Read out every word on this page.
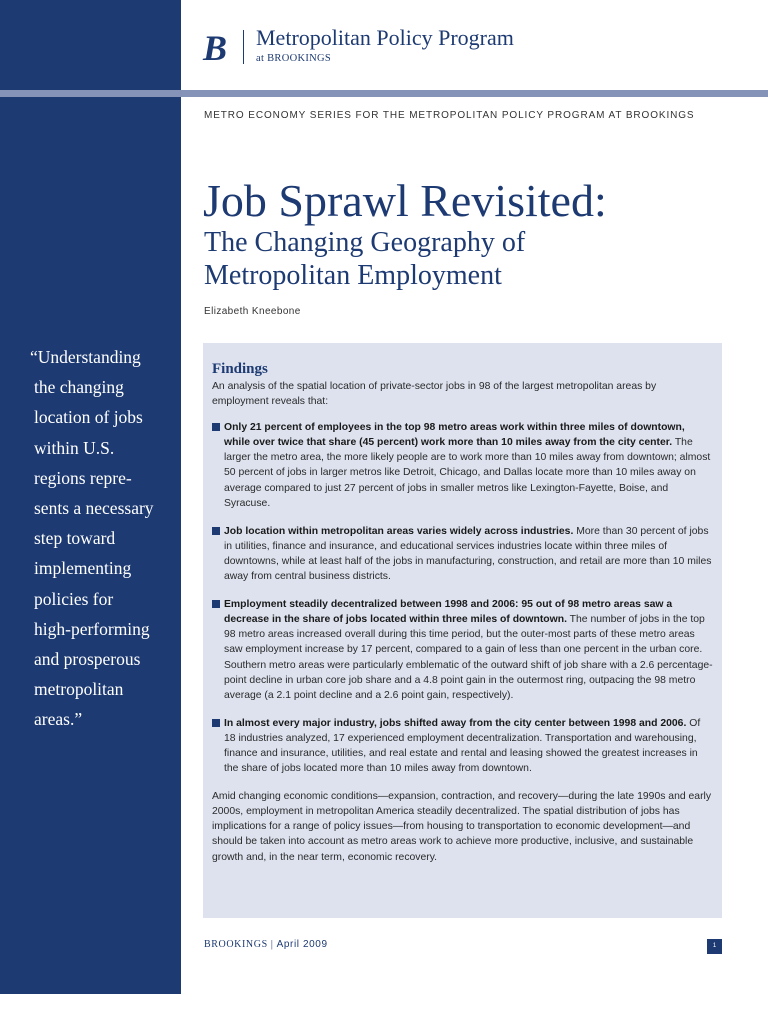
“Understanding
the changing
location of jobs
within U.S.
regions repre-
sents a necessary
step toward
implementing
policies for
high-performing
and prosperous
metropolitan
areas.”
B Metropolitan Policy Program
at BROOKINGS
METRO ECONOMY SERIES FOR THE METROPOLITAN POLICY PROGRAM AT BROOKINGS
Job Sprawl Revisited:
The Changing Geography of
Metropolitan Employment
Elizabeth Kneebone
Findings

An analysis of the spatial location of private-sector jobs in 98 of the largest metropolitan areas by employment reveals that:

Only 21 percent of employees in the top 98 metro areas work within three miles of downtown, while over twice that share (45 percent) work more than 10 miles away from the city center. The larger the metro area, the more likely people are to work more than 10 miles away from downtown; almost 50 percent of jobs in larger metros like Detroit, Chicago, and Dallas locate more than 10 miles away on average compared to just 27 percent of jobs in smaller metros like Lexington-Fayette, Boise, and Syracuse.

Job location within metropolitan areas varies widely across industries. More than 30 percent of jobs in utilities, finance and insurance, and educational services industries locate within three miles of downtowns, while at least half of the jobs in manufacturing, construction, and retail are more than 10 miles away from central business districts.

Employment steadily decentralized between 1998 and 2006: 95 out of 98 metro areas saw a decrease in the share of jobs located within three miles of downtown. The number of jobs in the top 98 metro areas increased overall during this time period, but the outer-most parts of these metro areas saw employment increase by 17 percent, compared to a gain of less than one percent in the urban core. Southern metro areas were particularly emblematic of the outward shift of job share with a 2.6 percentage-point decline in urban core job share and a 4.8 point gain in the outermost ring, outpacing the 98 metro average (a 2.1 point decline and a 2.6 point gain, respectively).

In almost every major industry, jobs shifted away from the city center between 1998 and 2006. Of 18 industries analyzed, 17 experienced employment decentralization. Transportation and warehousing, finance and insurance, utilities, and real estate and rental and leasing showed the greatest increases in the share of jobs located more than 10 miles away from downtown.

Amid changing economic conditions—expansion, contraction, and recovery—during the late 1990s and early 2000s, employment in metropolitan America steadily decentralized. The spatial distribution of jobs has implications for a range of policy issues—from housing to transportation to economic development—and should be taken into account as metro areas work to achieve more productive, inclusive, and sustainable growth and, in the near term, economic recovery.

BROOKINGS | April 2009	1
